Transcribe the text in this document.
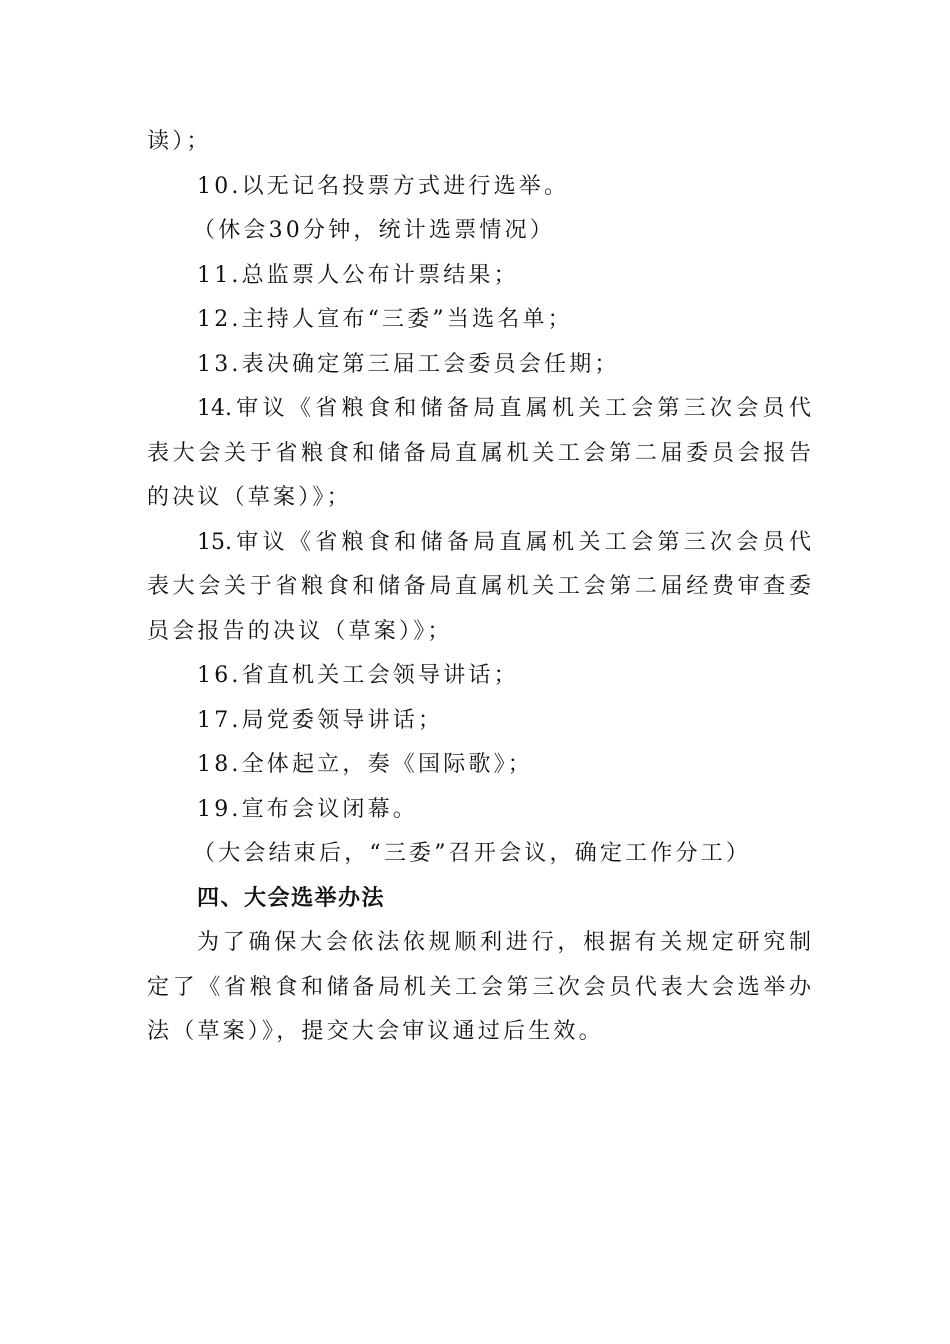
读）；

10.以无记名投票方式进行选举。

（休会30分钟，统计选票情况）

11.总监票人公布计票结果；

12.主持人宣布“三委”当选名单；

13.表决确定第三届工会委员会任期；

14.审议《省粮食和储备局直属机关工会第三次会员代

表大会关于省粮食和储备局直属机关工会第二届委员会报告

的决议（草案）》；

15.审议《省粮食和储备局直属机关工会第三次会员代

表大会关于省粮食和储备局直属机关工会第二届经费审查委

员会报告的决议（草案）》；

16.省直机关工会领导讲话；

17.局党委领导讲话；

18.全体起立，奏《国际歌》；

19.宣布会议闭幕。

（大会结束后，“三委”召开会议，确定工作分工）

四、大会选举办法

为了确保大会依法依规顺利进行，根据有关规定研究制

定了《省粮食和储备局机关工会第三次会员代表大会选举办

法（草案）》，提交大会审议通过后生效。
